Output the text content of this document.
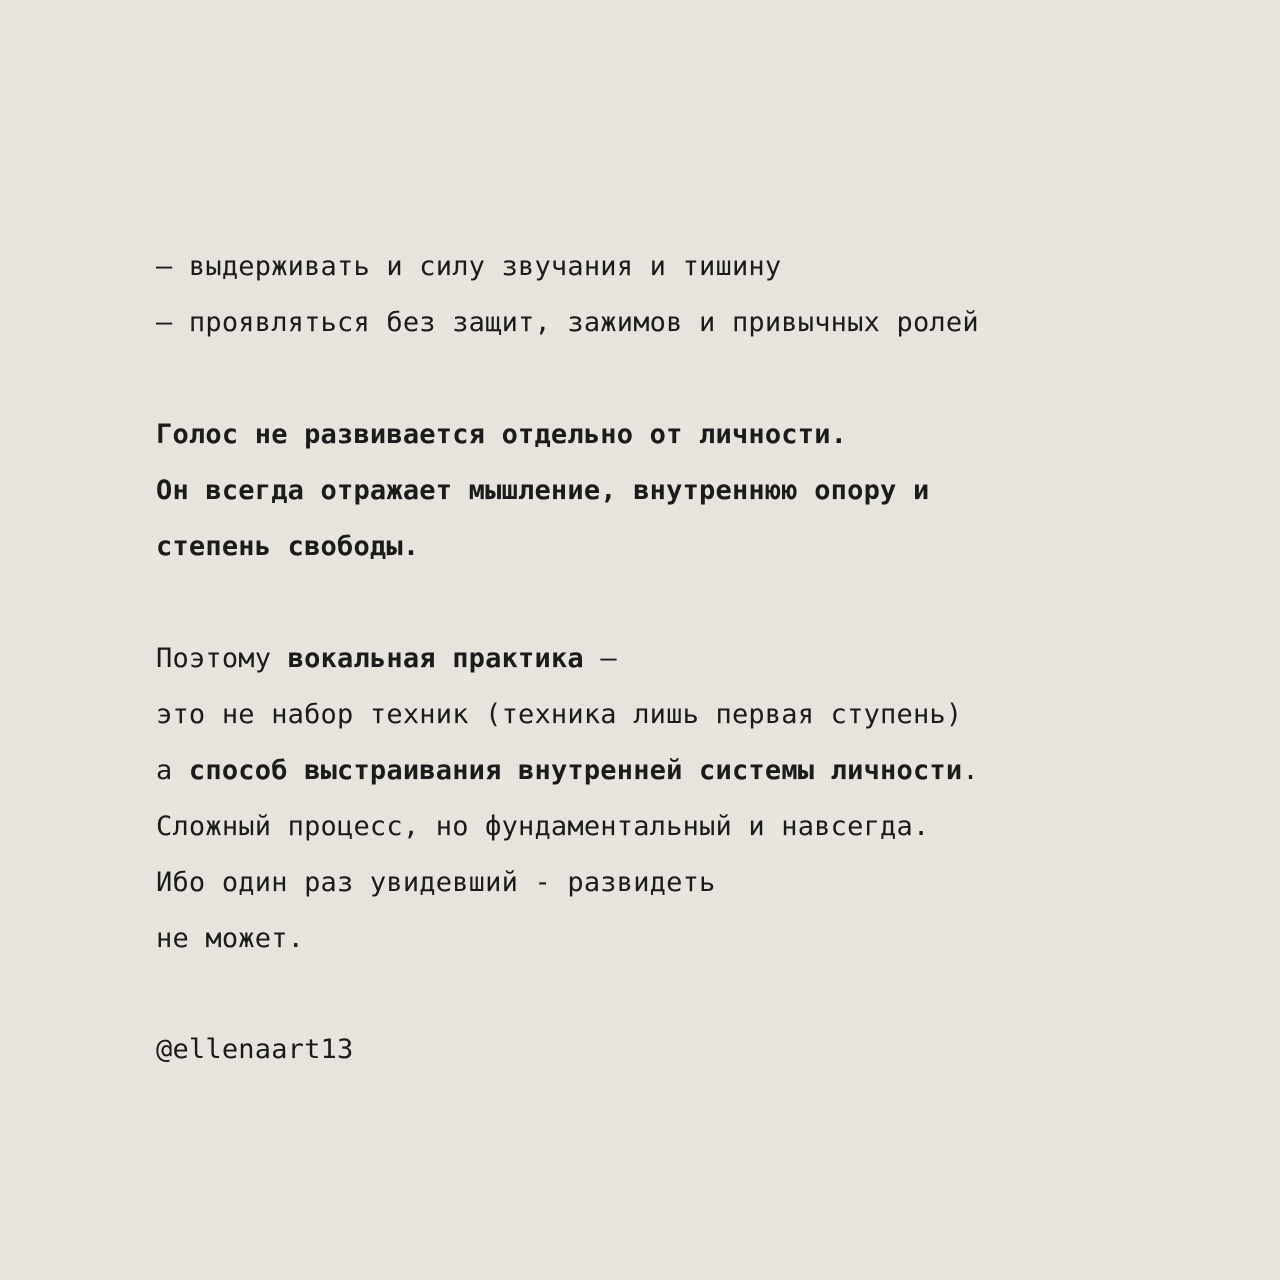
— выдерживать и силу звучания и тишину
— проявляться без защит, зажимов и привычных ролей
Голос не развивается отдельно от личности.
Он всегда отражает мышление, внутреннюю опору и
степень свободы.
Поэтому вокальная практика —
это не набор техник (техника лишь первая ступень)
а способ выстраивания внутренней системы личности.
Сложный процесс, но фундаментальный и навсегда.
Ибо один раз увидевший - развидеть
не может.
@ellenaart13
